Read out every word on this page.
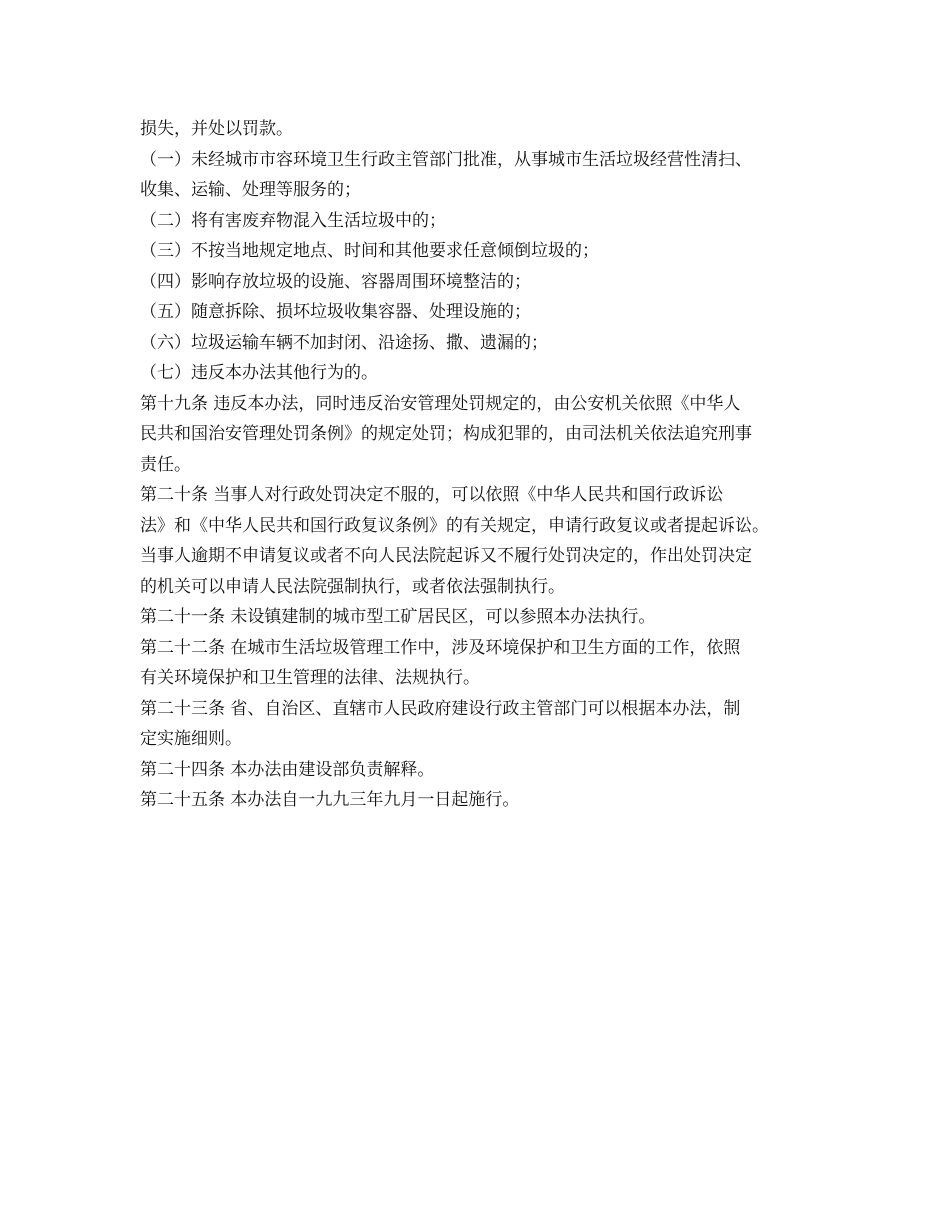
损失，并处以罚款。
（一）未经城市市容环境卫生行政主管部门批准，从事城市生活垃圾经营性清扫、
收集、运输、处理等服务的；
（二）将有害废弃物混入生活垃圾中的；
（三）不按当地规定地点、时间和其他要求任意倾倒垃圾的；
（四）影响存放垃圾的设施、容器周围环境整洁的；
（五）随意拆除、损坏垃圾收集容器、处理设施的；
（六）垃圾运输车辆不加封闭、沿途扬、撒、遗漏的；
（七）违反本办法其他行为的。
第十九条 违反本办法，同时违反治安管理处罚规定的，由公安机关依照《中华人
民共和国治安管理处罚条例》的规定处罚；构成犯罪的，由司法机关依法追究刑事
责任。
第二十条 当事人对行政处罚决定不服的，可以依照《中华人民共和国行政诉讼
法》和《中华人民共和国行政复议条例》的有关规定，申请行政复议或者提起诉讼。
当事人逾期不申请复议或者不向人民法院起诉又不履行处罚决定的，作出处罚决定
的机关可以申请人民法院强制执行，或者依法强制执行。
第二十一条 未设镇建制的城市型工矿居民区，可以参照本办法执行。
第二十二条 在城市生活垃圾管理工作中，涉及环境保护和卫生方面的工作，依照
有关环境保护和卫生管理的法律、法规执行。
第二十三条 省、自治区、直辖市人民政府建设行政主管部门可以根据本办法，制
定实施细则。
第二十四条 本办法由建设部负责解释。
第二十五条 本办法自一九九三年九月一日起施行。
